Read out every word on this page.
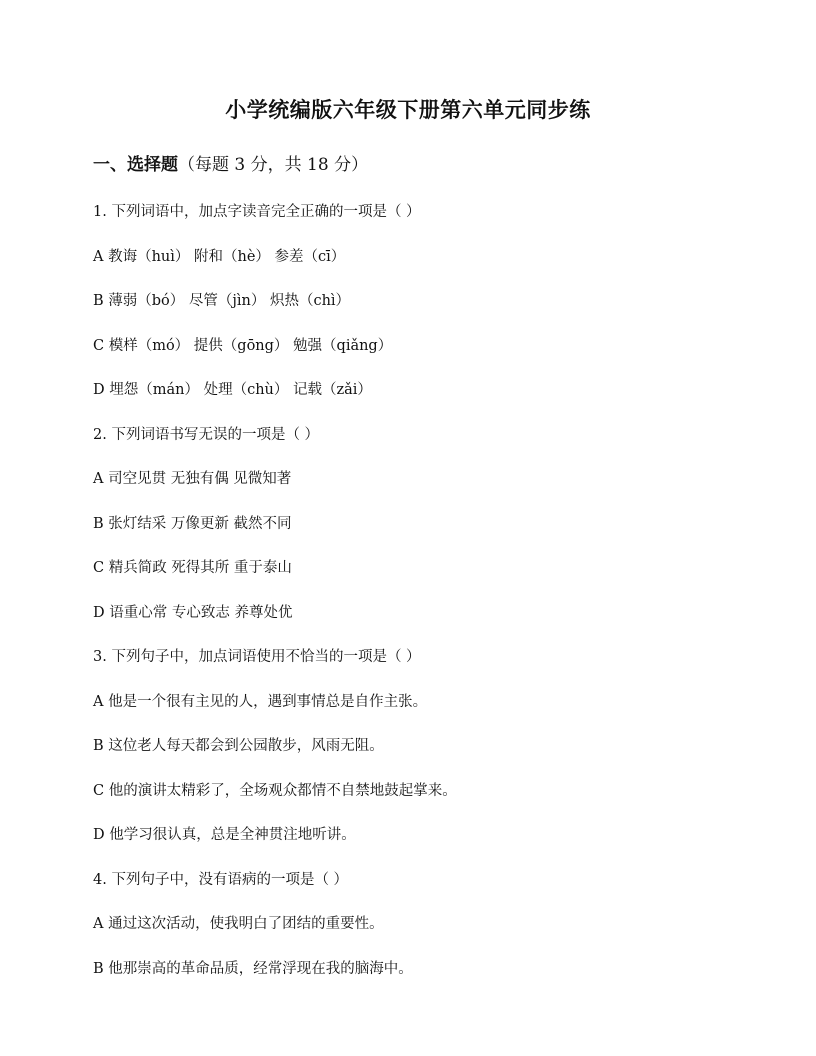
小学统编版六年级下册第六单元同步练

一、选择题（每题 3 分，共 18 分）

1. 下列词语中，加点字读音完全正确的一项是（ ）

A 教诲（huì） 附和（hè） 参差（cī）

B 薄弱（bó） 尽管（jìn） 炽热（chì）

C 模样（mó） 提供（gōng） 勉强（qiǎng）

D 埋怨（mán） 处理（chù） 记载（zǎi）

2. 下列词语书写无误的一项是（ ）

A 司空见贯 无独有偶 见微知著

B 张灯结采 万像更新 截然不同

C 精兵简政 死得其所 重于泰山

D 语重心常 专心致志 养尊处优

3. 下列句子中，加点词语使用不恰当的一项是（ ）

A 他是一个很有主见的人，遇到事情总是自作主张。

B 这位老人每天都会到公园散步，风雨无阻。

C 他的演讲太精彩了，全场观众都情不自禁地鼓起掌来。

D 他学习很认真，总是全神贯注地听讲。

4. 下列句子中，没有语病的一项是（ ）

A 通过这次活动，使我明白了团结的重要性。

B 他那崇高的革命品质，经常浮现在我的脑海中。
